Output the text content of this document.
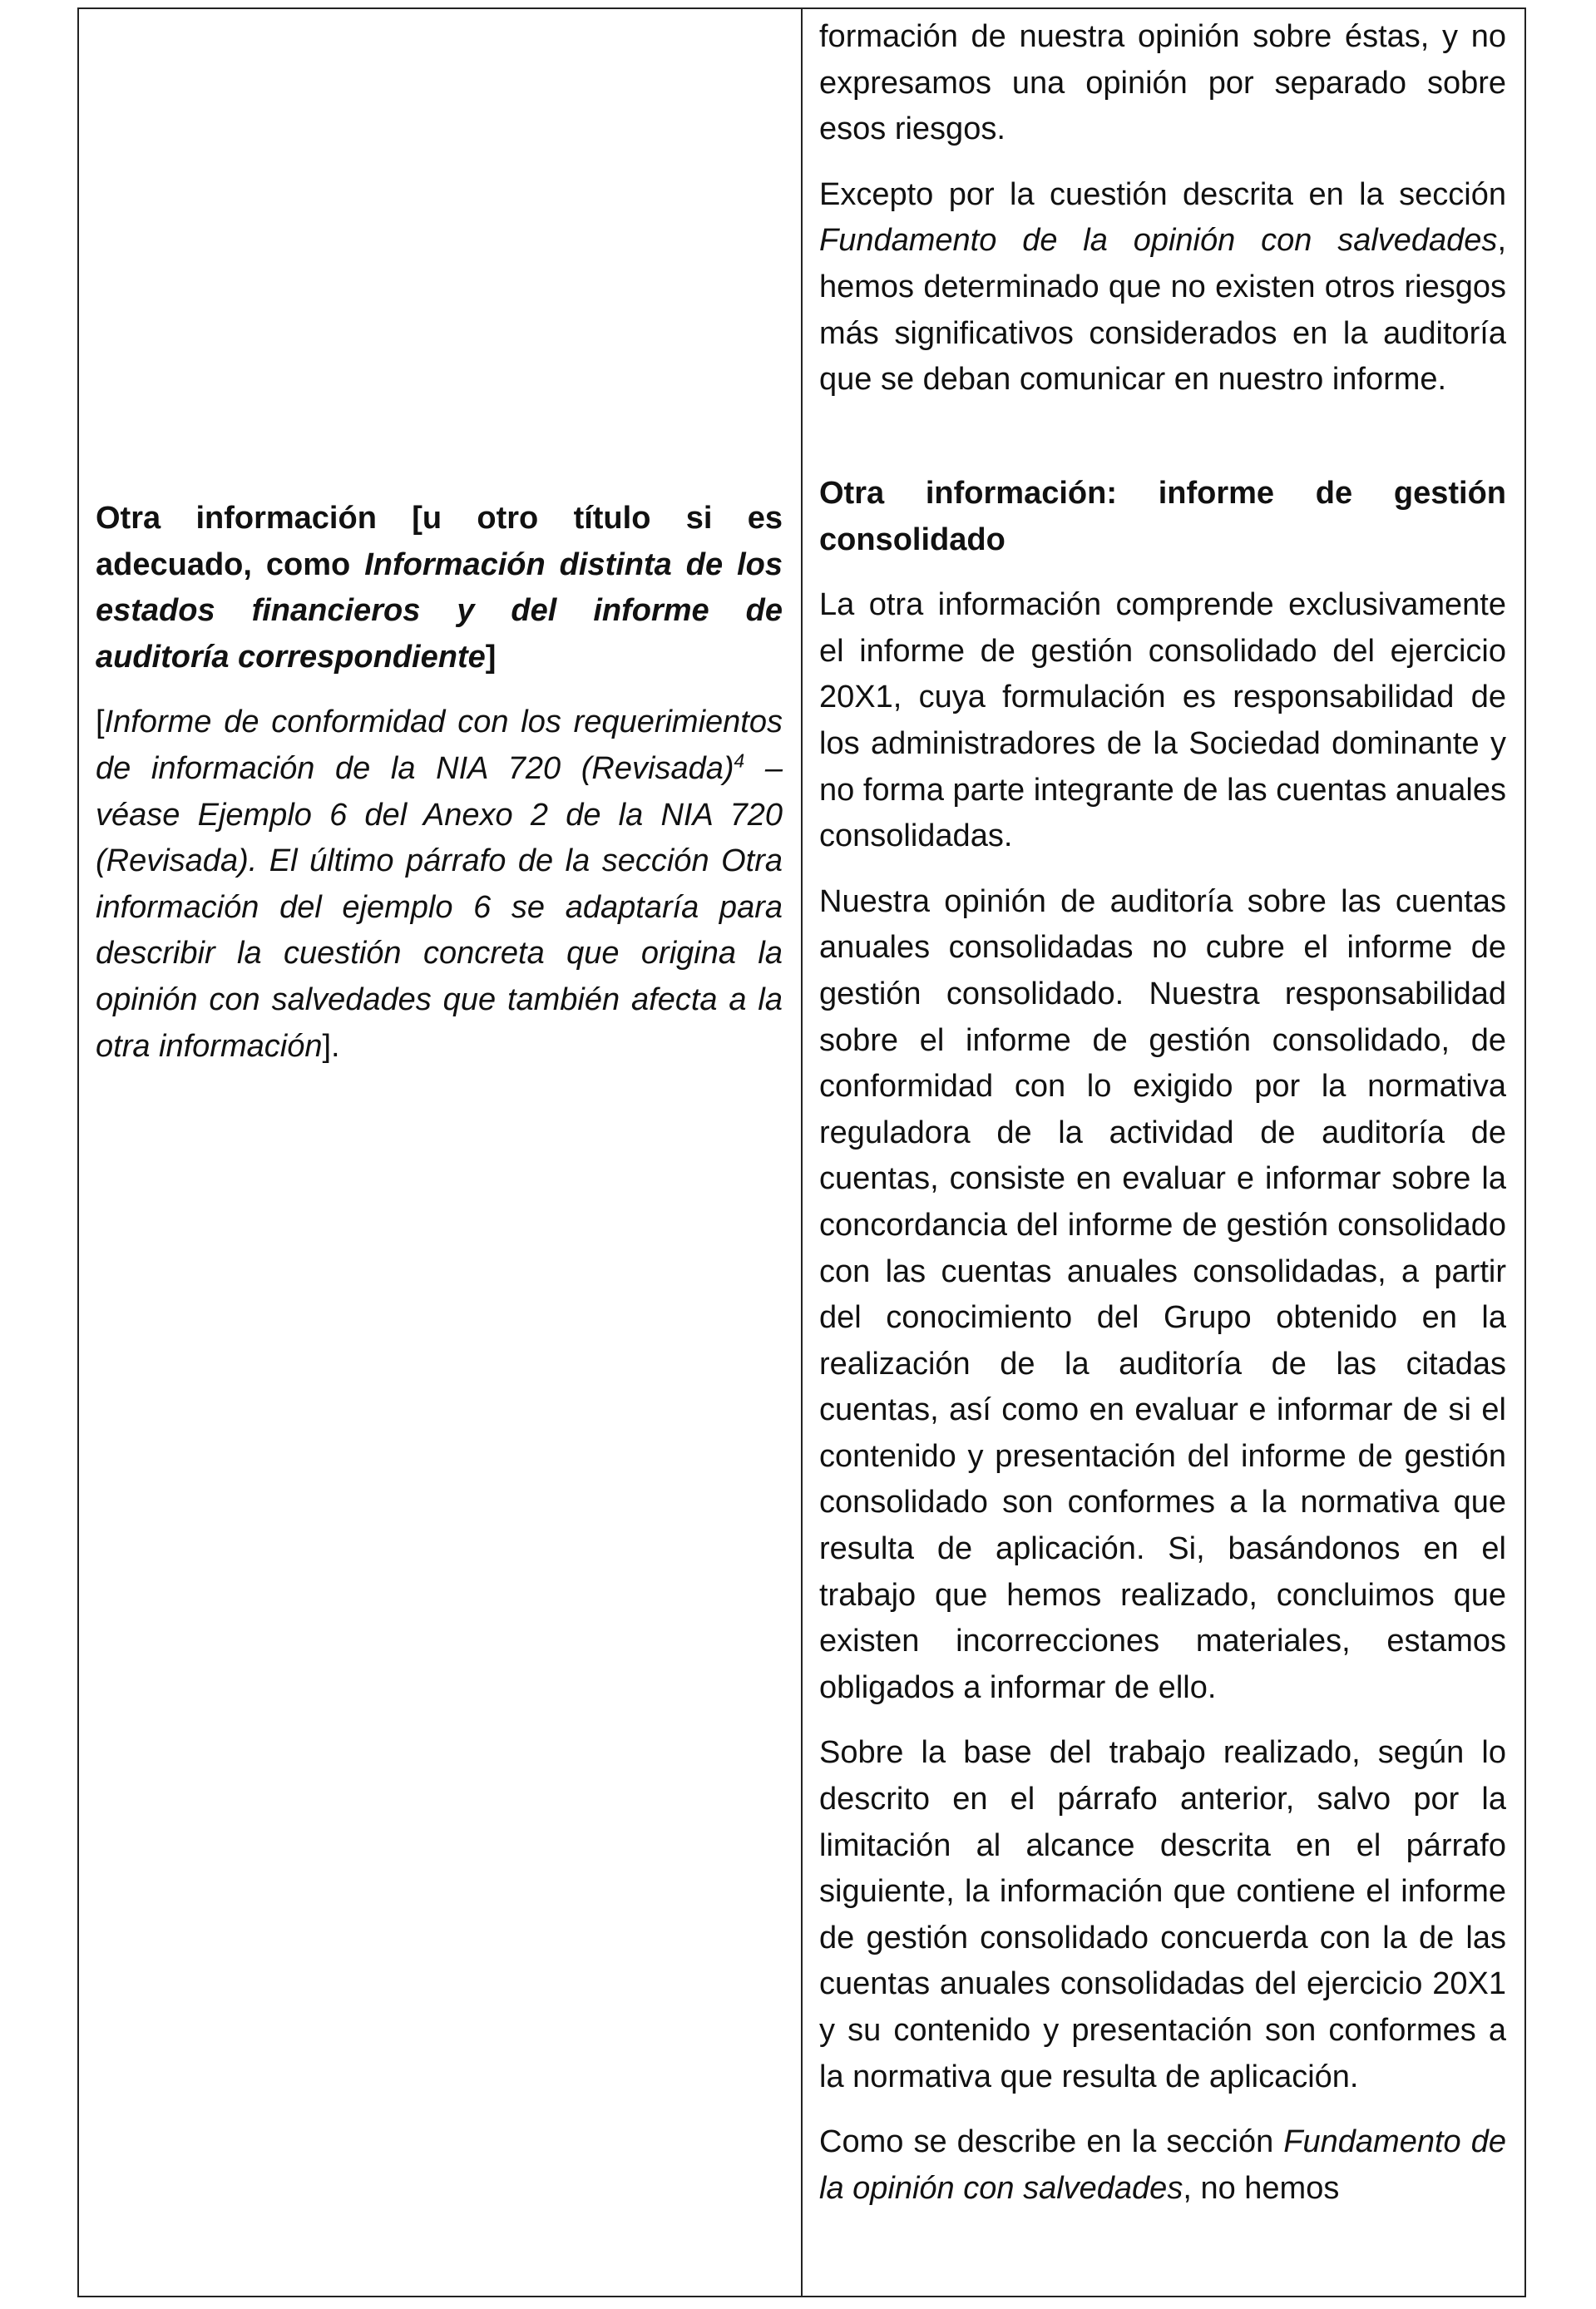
Otra información [u otro título si es adecuado, como Información distinta de los estados financieros y del informe de auditoría correspondiente]

[Informe de conformidad con los requerimientos de información de la NIA 720 (Revisada)$^4$ – véase Ejemplo 6 del Anexo 2 de la NIA 720 (Revisada). El último párrafo de la sección Otra información del ejemplo 6 se adaptaría para describir la cuestión concreta que origina la opinión con salvedades que también afecta a la otra información].

formación de nuestra opinión sobre éstas, y no expresamos una opinión por separado sobre esos riesgos.

Excepto por la cuestión descrita en la sección Fundamento de la opinión con salvedades, hemos determinado que no existen otros riesgos más significativos considerados en la auditoría que se deban comunicar en nuestro informe.

Otra información: informe de gestión consolidado

La otra información comprende exclusivamente el informe de gestión consolidado del ejercicio 20X1, cuya formulación es responsabilidad de los administradores de la Sociedad dominante y no forma parte integrante de las cuentas anuales consolidadas.

Nuestra opinión de auditoría sobre las cuentas anuales consolidadas no cubre el informe de gestión consolidado. Nuestra responsabilidad sobre el informe de gestión consolidado, de conformidad con lo exigido por la normativa reguladora de la actividad de auditoría de cuentas, consiste en evaluar e informar sobre la concordancia del informe de gestión consolidado con las cuentas anuales consolidadas, a partir del conocimiento del Grupo obtenido en la realización de la auditoría de las citadas cuentas, así como en evaluar e informar de si el contenido y presentación del informe de gestión consolidado son conformes a la normativa que resulta de aplicación. Si, basándonos en el trabajo que hemos realizado, concluimos que existen incorrecciones materiales, estamos obligados a informar de ello.

Sobre la base del trabajo realizado, según lo descrito en el párrafo anterior, salvo por la limitación al alcance descrita en el párrafo siguiente, la información que contiene el informe de gestión consolidado concuerda con la de las cuentas anuales consolidadas del ejercicio 20X1 y su contenido y presentación son conformes a la normativa que resulta de aplicación.

Como se describe en la sección Fundamento de la opinión con salvedades, no hemos
